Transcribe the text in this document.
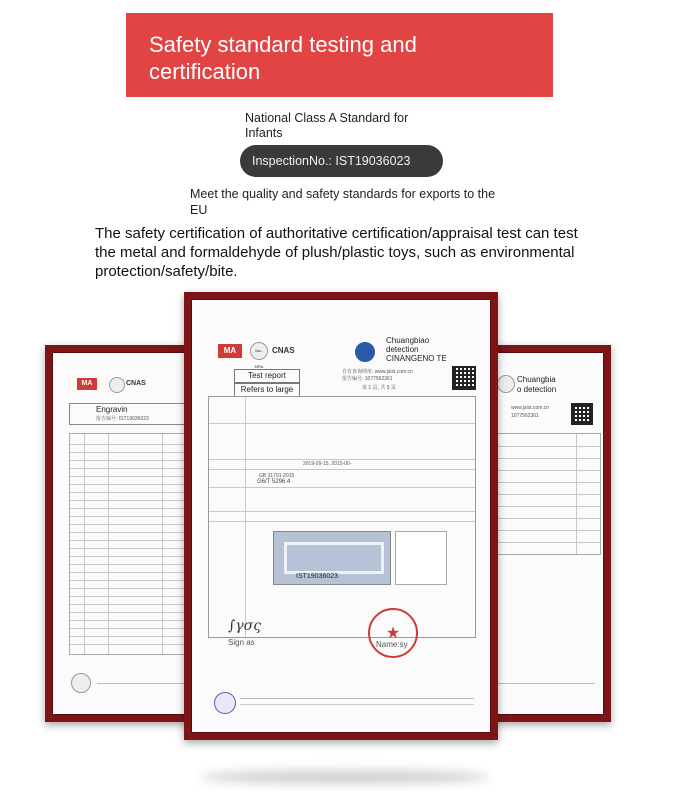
Safety standard testing and certification
National Class A Standard for Infants
InspectionNo.: IST19036023
Meet the quality and safety standards for exports to the EU
The safety certification of authoritative certification/appraisal test can test the metal and formaldehyde of plush/plastic toys, such as environmental protection/safety/bite.
MA	CNAS
Engravin
报告编号: IST19036023
Chuangbia
o detection
www.jsist.com.cn
1077562361
MA	ilac-MRA
CNAS
Chuangbiao
detection
CINANGENO TE
Test report
Refers to large
自有查询网址: www.jsist.com.cn
报告编号: 1077562361
第 1 页, 共 5 页
2019-09-15, 2015-00-
GB 31701-2015
G6/T 5296.4
IST19036023
∫γσς
Sign as
★
Name:sy
